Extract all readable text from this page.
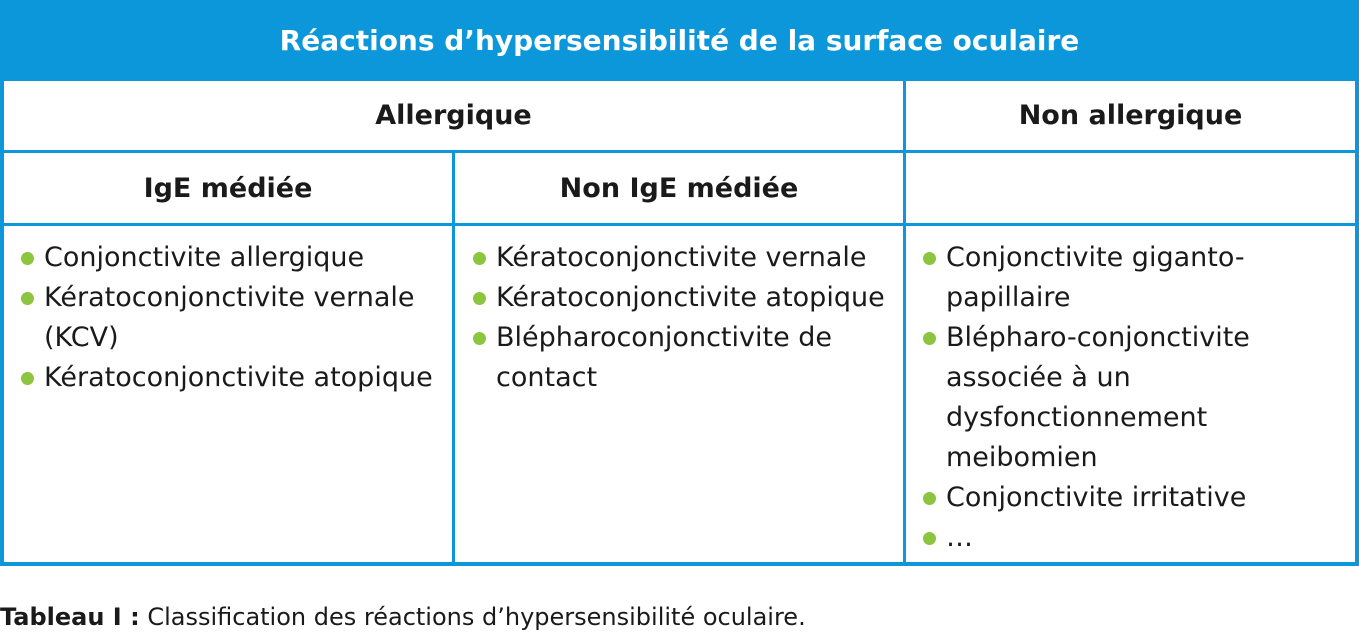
Réactions d’hypersensibilité de la surface oculaire
Allergique	Non allergique
IgE médiée	Non IgE médiée
Conjonctivite allergique
Kératoconjonctivite vernale (KCV)
Kératoconjonctivite atopique
Kératoconjonctivite vernale
Kératoconjonctivite atopique
Blépharoconjonctivite de contact
Conjonctivite giganto-papillaire
Blépharo-conjonctivite associée à un dysfonctionnement meibomien
Conjonctivite irritative
…
Tableau I : Classification des réactions d’hypersensibilité oculaire.
